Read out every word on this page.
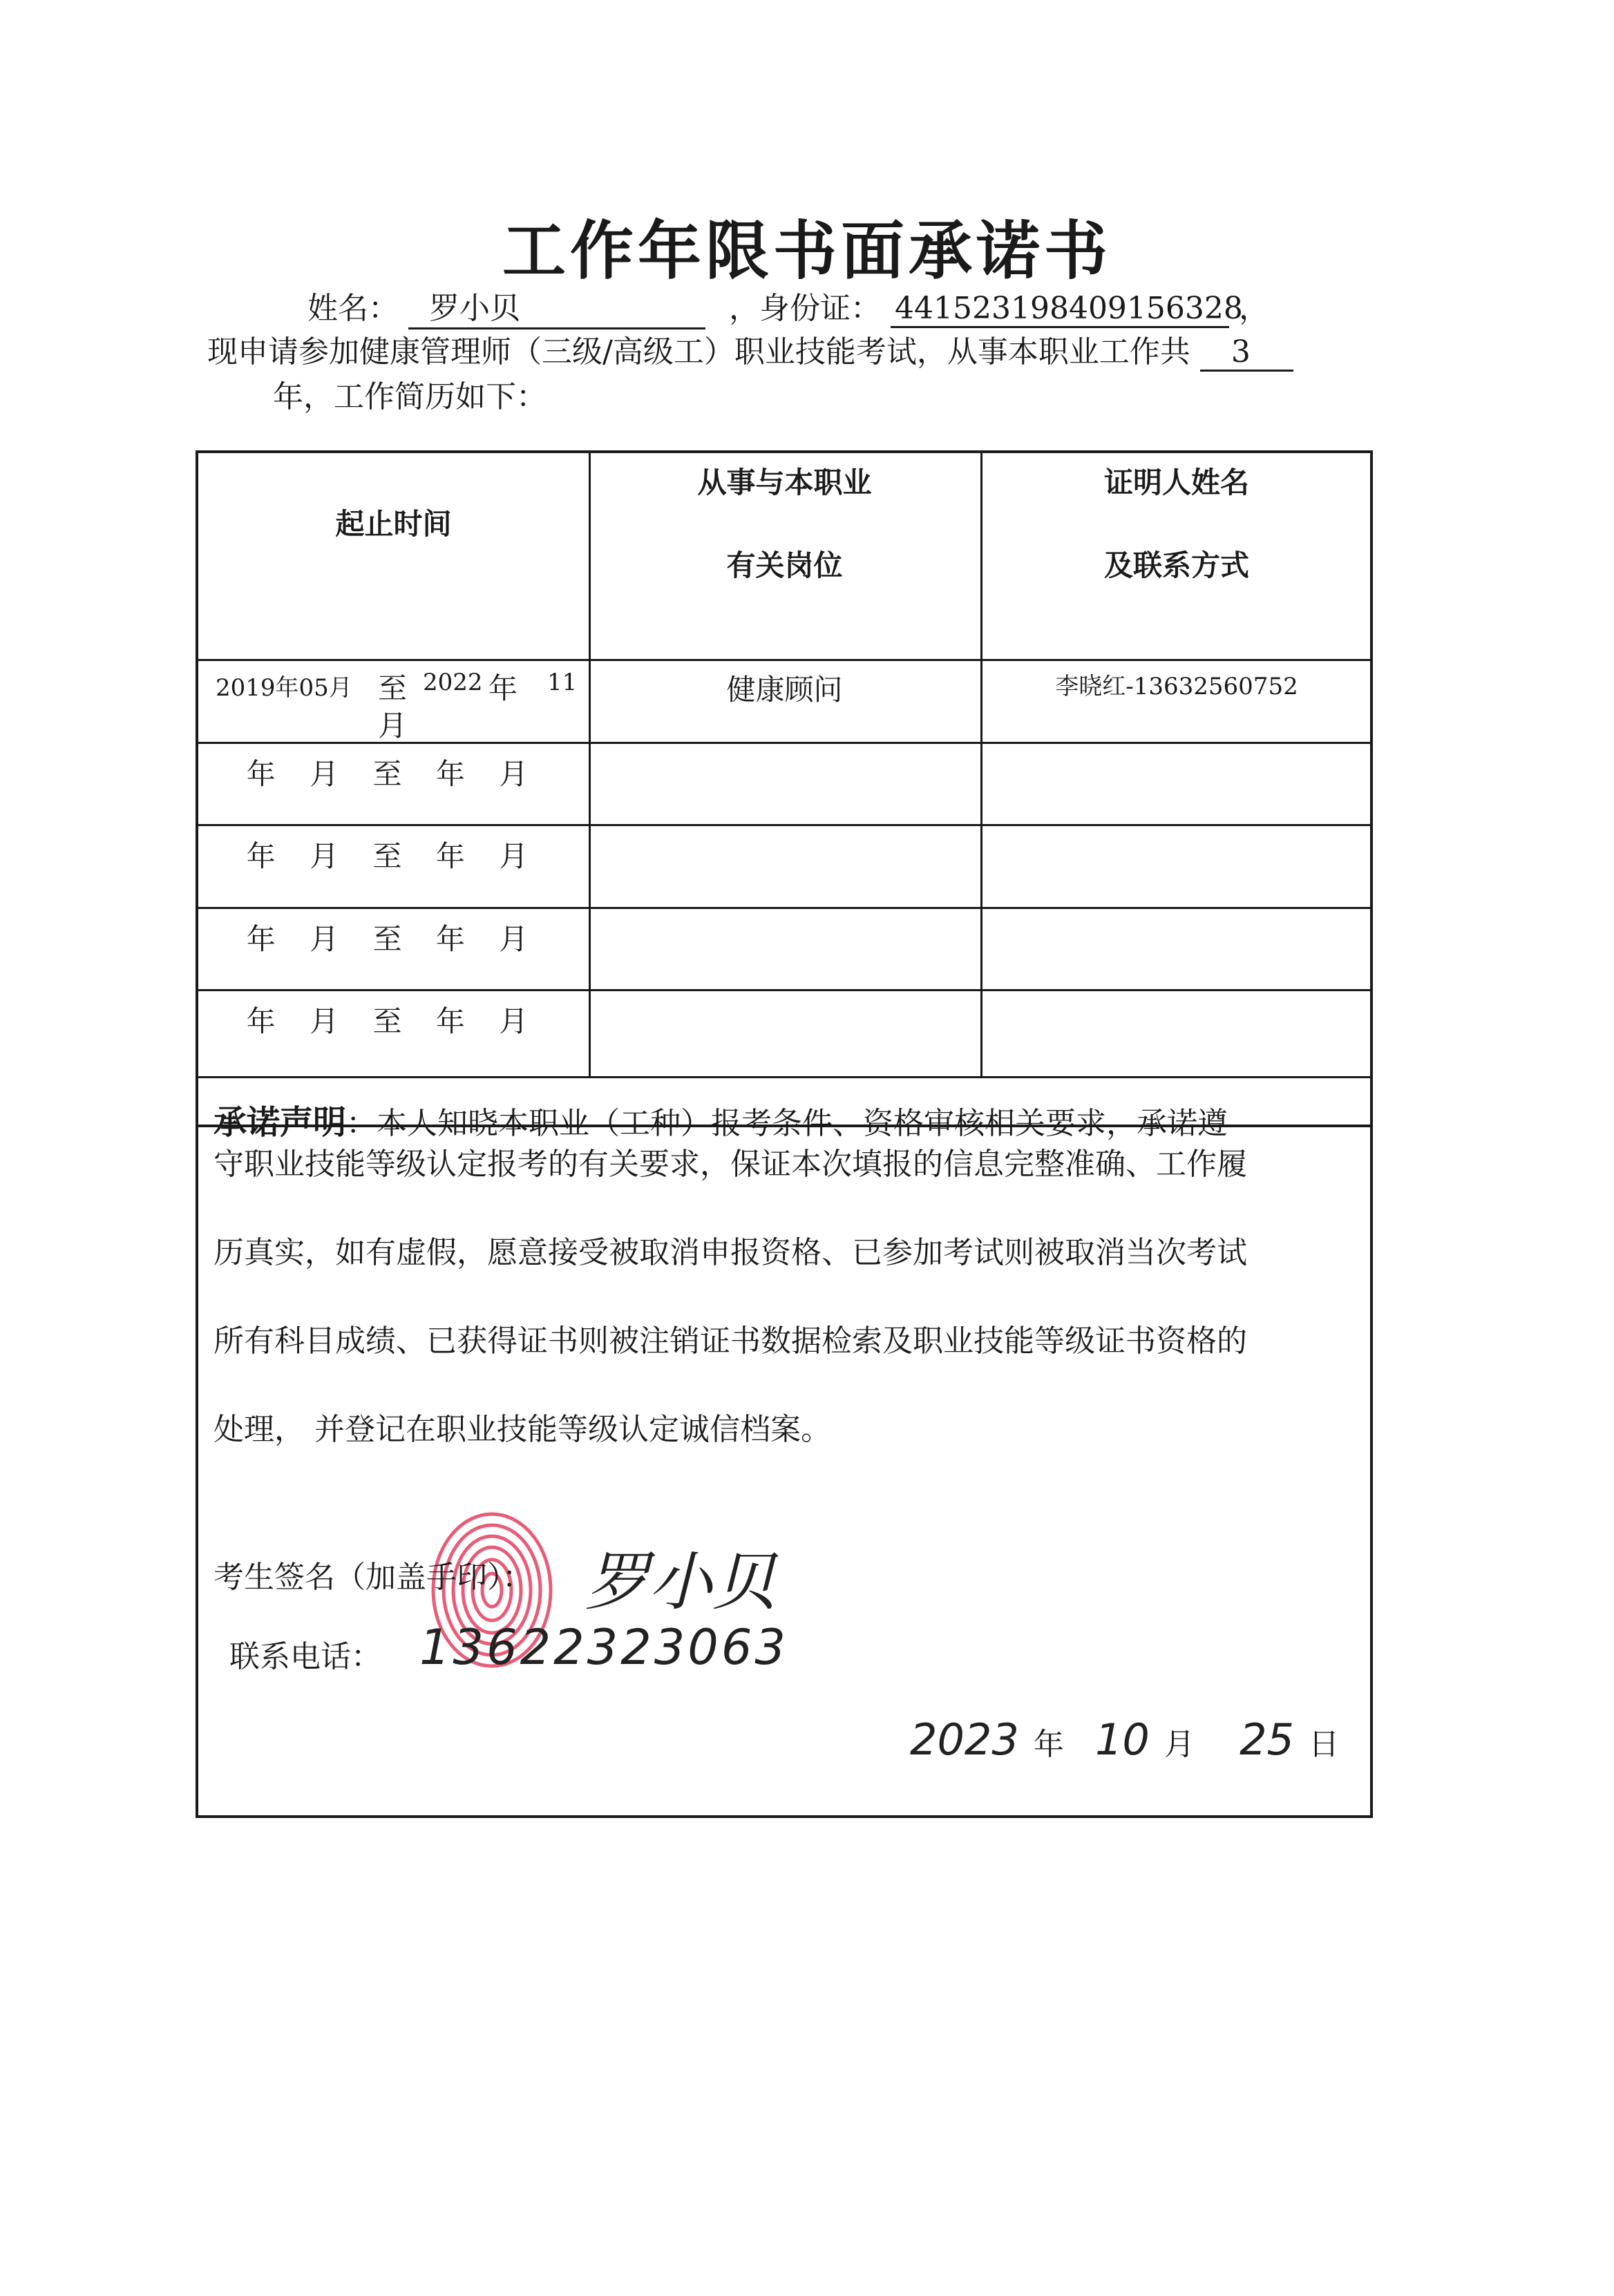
工作年限书面承诺书
姓名： 罗小贝	，身份证： 441523198409156328 ，
现申请参加健康管理师（三级/高级工）职业技能考试，从事本职业工作共 3
年，工作简历如下：
起止时间
从事与本职业
有关岗位
证明人姓名
及联系方式
2019年05月 至 2022 年 11
月
健康顾问	李晓红-13632560752
年 月 至 年 月
年 月 至 年 月
年 月 至 年 月
年 月 至 年 月
承诺声明：本人知晓本职业（工种）报考条件、资格审核相关要求，承诺遵
守职业技能等级认定报考的有关要求，保证本次填报的信息完整准确、工作履
历真实，如有虚假，愿意接受被取消申报资格、已参加考试则被取消当次考试
所有科目成绩、已获得证书则被注销证书数据检索及职业技能等级证书资格的
处理， 并登记在职业技能等级认定诚信档案。
考生签名（加盖手印）： 罗小贝
联系电话： 13622323063
2023 年 10 月 25 日
